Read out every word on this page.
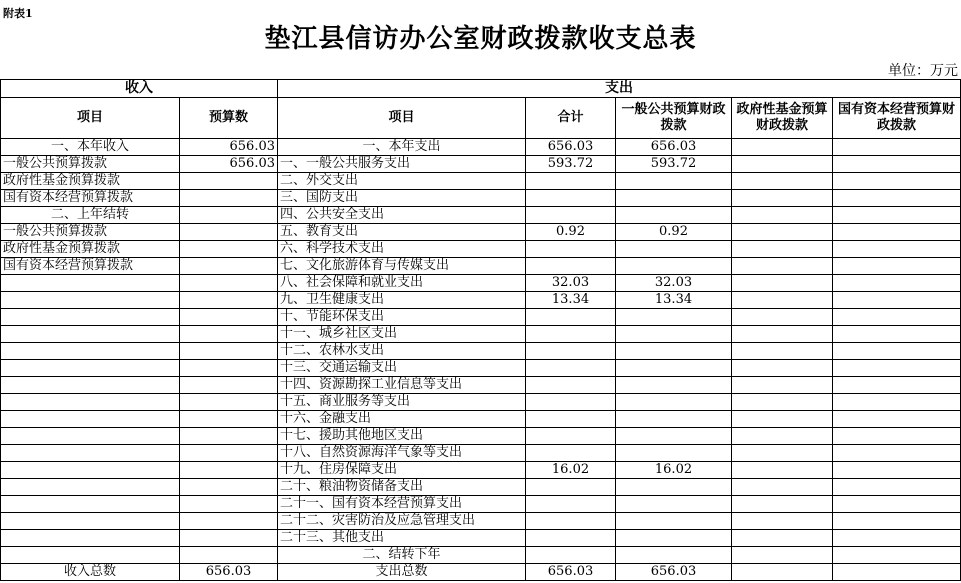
附表1
垫江县信访办公室财政拨款收支总表
单位：万元
收入		支出				
项目	预算数	项目	合计	一般公共预算财政拨款	政府性基金预算财政拨款	国有资本经营预算财政拨款
一、本年收入	656.03	一、本年支出	656.03	656.03		
一般公共预算拨款	656.03	一、一般公共服务支出	593.72	593.72		
政府性基金预算拨款		二、外交支出				
国有资本经营预算拨款		三、国防支出				
二、上年结转		四、公共安全支出				
一般公共预算拨款		五、教育支出	0.92	0.92		
政府性基金预算拨款		六、科学技术支出				
国有资本经营预算拨款		七、文化旅游体育与传媒支出				
		八、社会保障和就业支出	32.03	32.03		
		九、卫生健康支出	13.34	13.34		
		十、节能环保支出				
		十一、城乡社区支出				
		十二、农林水支出				
		十三、交通运输支出				
		十四、资源勘探工业信息等支出				
		十五、商业服务等支出				
		十六、金融支出				
		十七、援助其他地区支出				
		十八、自然资源海洋气象等支出				
		十九、住房保障支出	16.02	16.02		
		二十、粮油物资储备支出				
		二十一、国有资本经营预算支出				
		二十二、灾害防治及应急管理支出				
		二十三、其他支出				
		二、结转下年				
收入总数	656.03	支出总数	656.03	656.03		
